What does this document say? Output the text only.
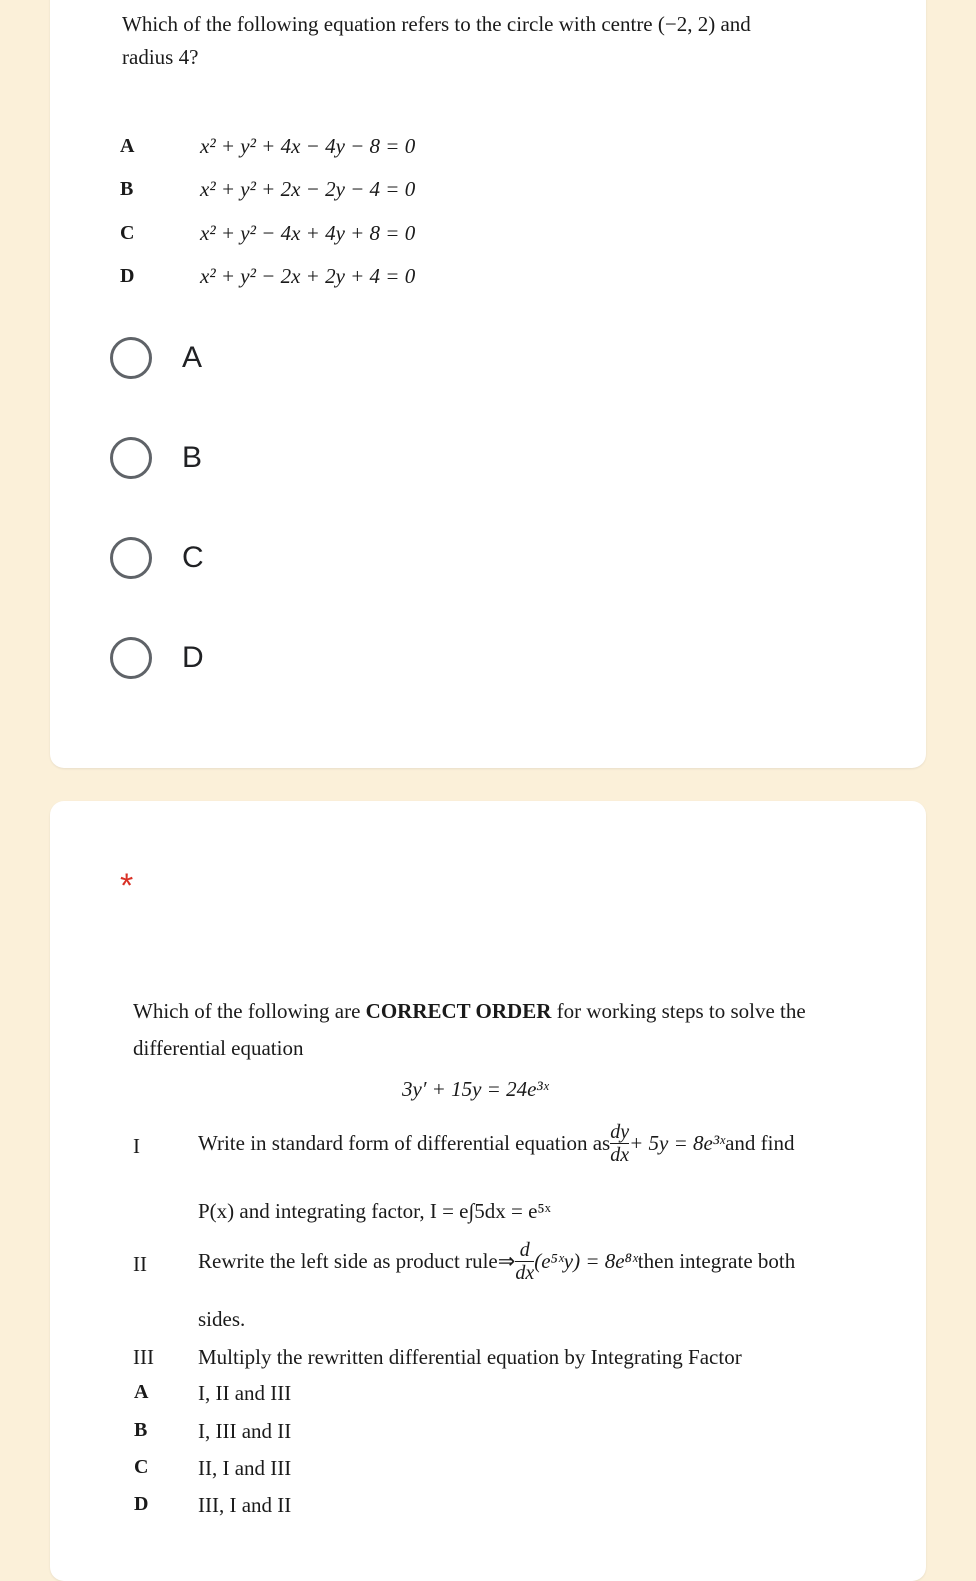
Which of the following equation refers to the circle with centre (−2, 2) and
radius 4?
A	x² + y² + 4x − 4y − 8 = 0
B	x² + y² + 2x − 2y − 4 = 0
C	x² + y² − 4x + 4y + 8 = 0
D	x² + y² − 2x + 2y + 4 = 0
A
B
C
D
*
Which of the following are CORRECT ORDER for working steps to solve the
differential equation
3y′ + 15y = 24e³ˣ
I	Write in standard form of differential equation as $\frac{dy}{dx} + 5y$ = 8e³ˣ and find
P(x) and integrating factor, I = e∫5dx = e⁵ˣ
II Rewrite the left side as product rule⇒ $\frac{d}{dx}$ (e⁵ˣy) = 8e⁸ˣ then integrate both
sides.
III Multiply the rewritten differential equation by Integrating Factor
A I, II and III
B I, III and II
C II, I and III
D III, I and II
